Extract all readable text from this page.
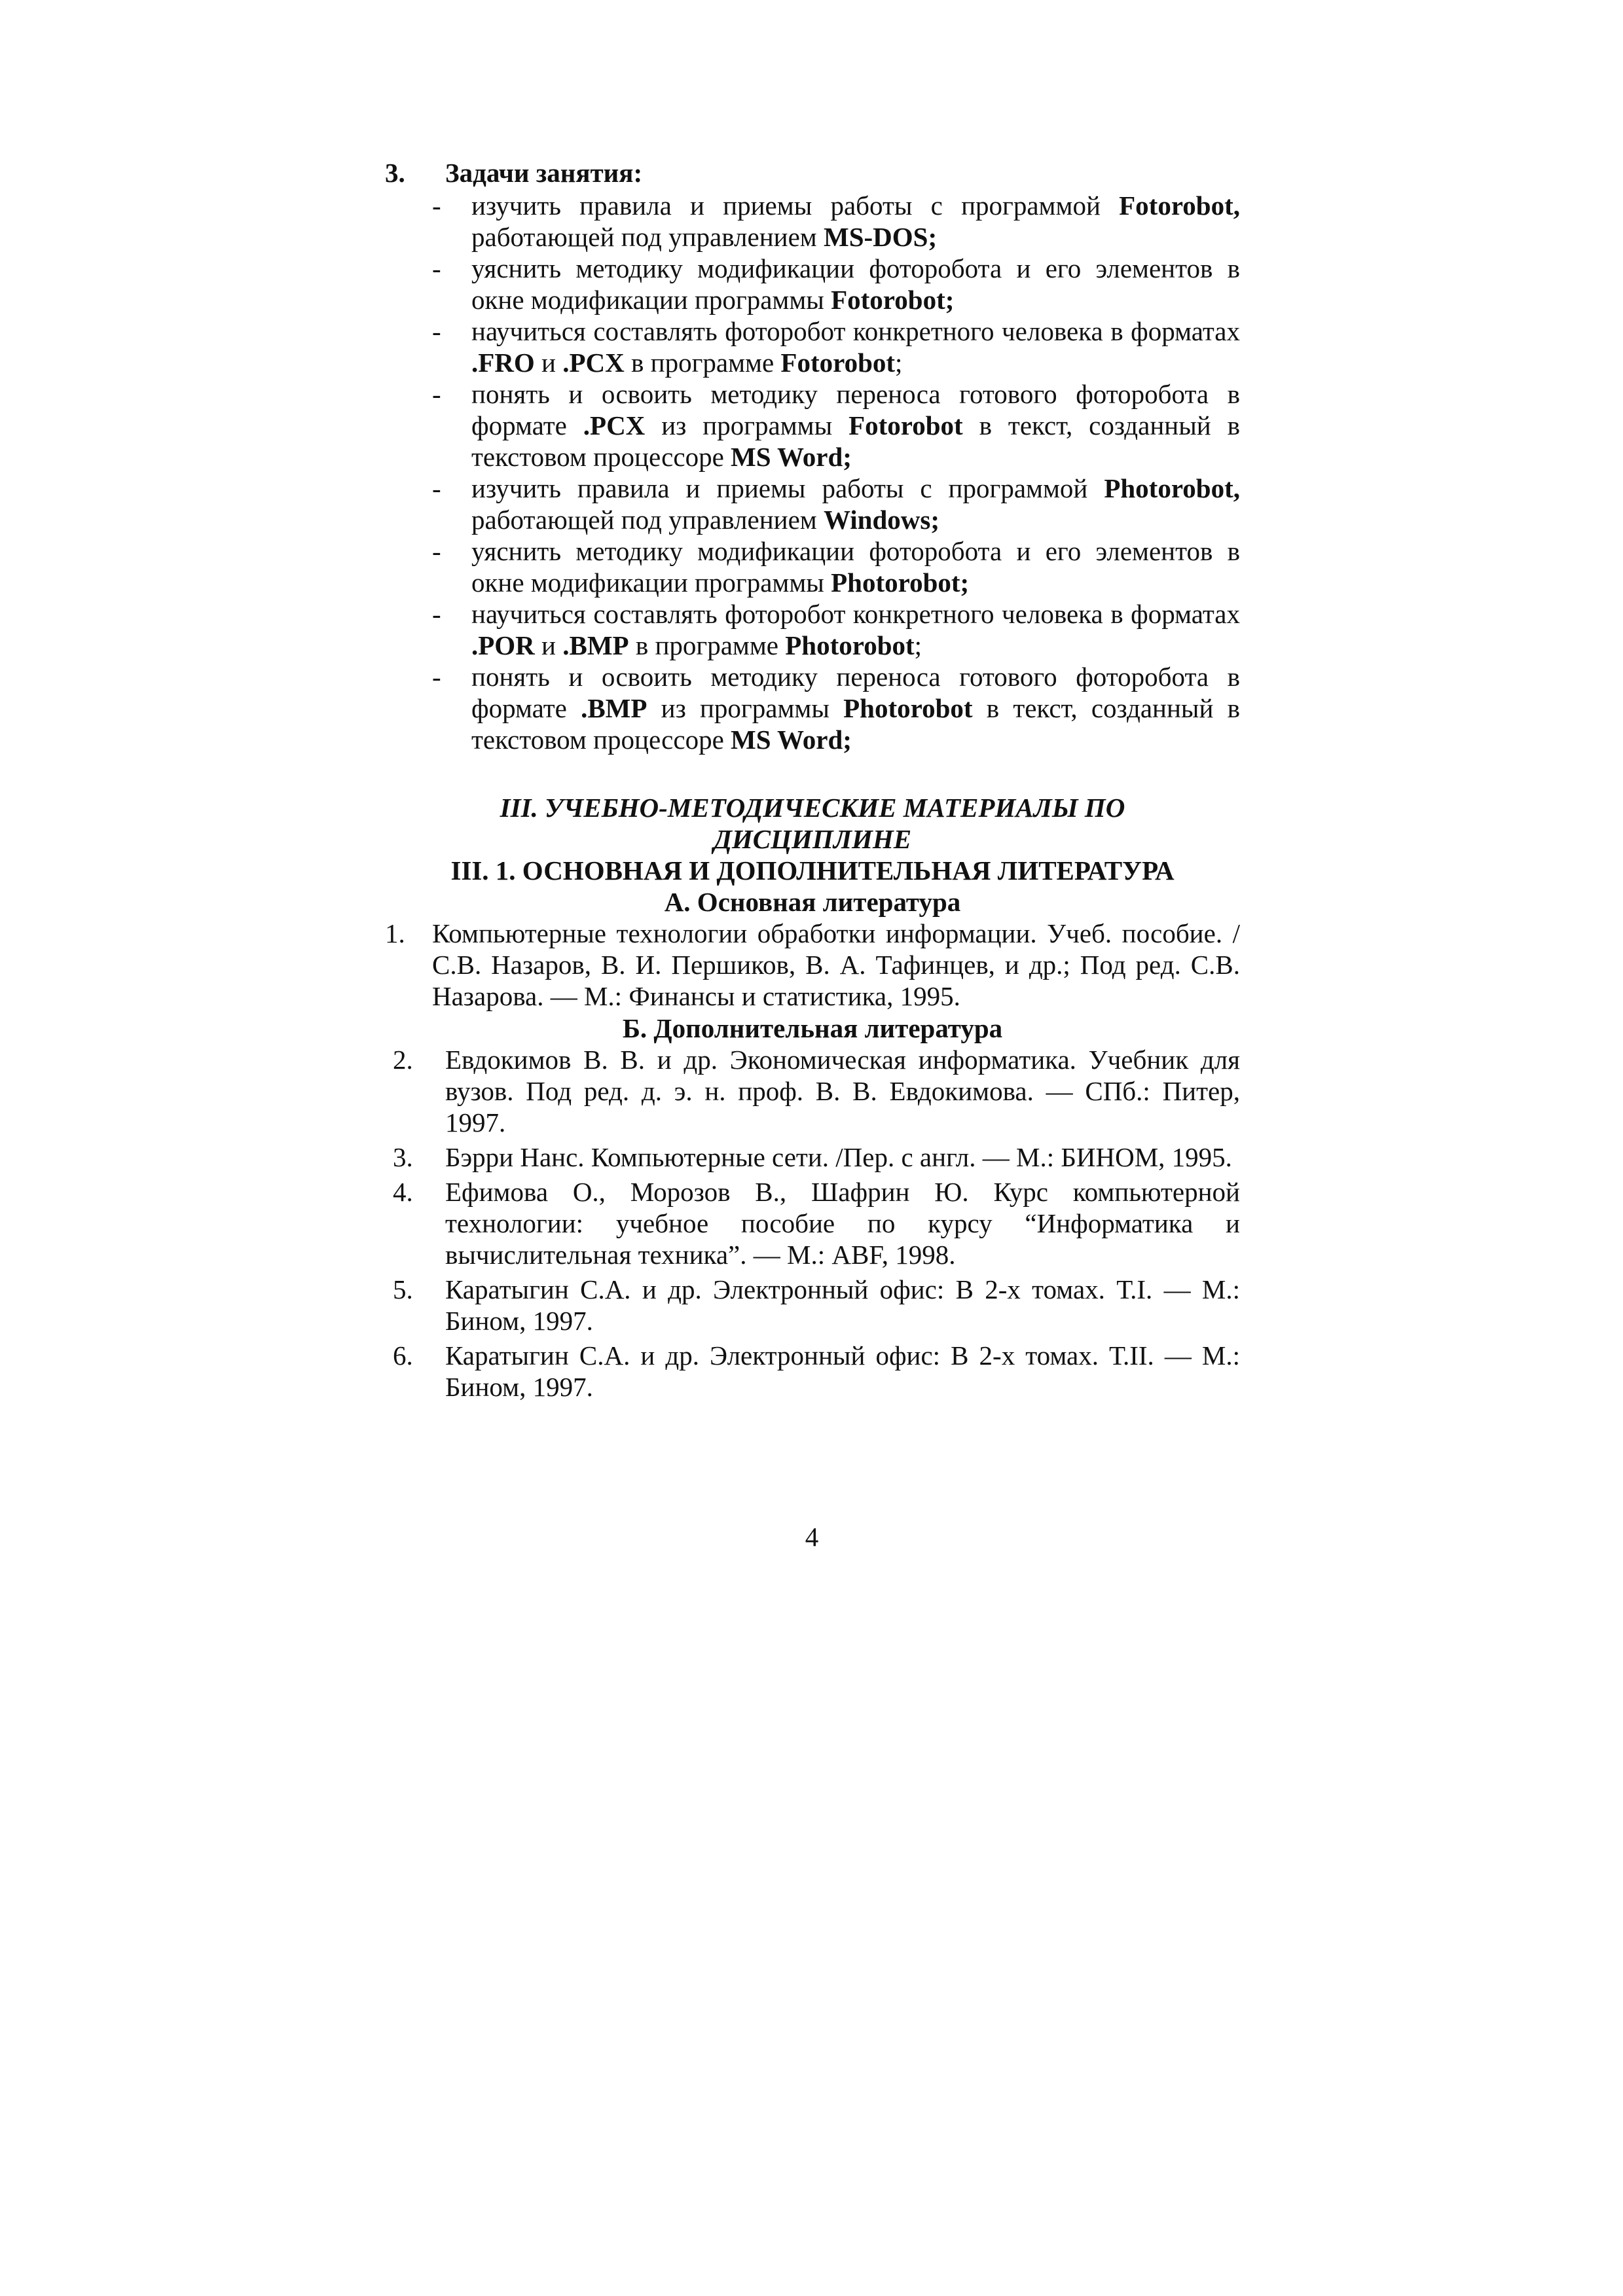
3. Задачи занятия:
- изучить правила и приемы работы с программой Fotorobot, работающей под управлением MS-DOS;
- уяснить методику модификации фоторобота и его элементов в окне модификации программы Fotorobot;
- научиться составлять фоторобот конкретного человека в форматах .FRO и .PCX в программе Fotorobot;
- понять и освоить методику переноса готового фоторобота в формате .PCX из программы Fotorobot в текст, созданный в текстовом процессоре MS Word;
- изучить правила и приемы работы с программой Photorobot, работающей под управлением Windows;
- уяснить методику модификации фоторобота и его элементов в окне модификации программы Photorobot;
- научиться составлять фоторобот конкретного человека в форматах .POR и .BMP в программе Photorobot;
- понять и освоить методику переноса готового фоторобота в формате .BMP из программы Photorobot в текст, созданный в текстовом процессоре MS Word;
III. УЧЕБНО-МЕТОДИЧЕСКИЕ МАТЕРИАЛЫ ПО
ДИСЦИПЛИНЕ
III. 1. ОСНОВНАЯ И ДОПОЛНИТЕЛЬНАЯ ЛИТЕРАТУРА
А. Основная литература
1. Компьютерные технологии обработки информации. Учеб. пособие. /С.В. Назаров, В. И. Першиков, В. А. Тафинцев, и др.; Под ред. С.В. Назарова. — М.: Финансы и статистика, 1995.
Б. Дополнительная литература
2. Евдокимов В. В. и др. Экономическая информатика. Учебник для вузов. Под ред. д. э. н. проф. В. В. Евдокимова. — СПб.: Питер, 1997.
3. Бэрри Нанс. Компьютерные сети. /Пер. с англ. — М.: БИНОМ, 1995.
4. Ефимова О., Морозов В., Шафрин Ю. Курс компьютерной технологии: учебное пособие по курсу “Информатика и вычислительная техника”. — М.: ABF, 1998.
5. Каратыгин С.А. и др. Электронный офис: В 2-х томах. Т.I. — М.: Бином, 1997.
6. Каратыгин С.А. и др. Электронный офис: В 2-х томах. Т.II. — М.: Бином, 1997.
4
